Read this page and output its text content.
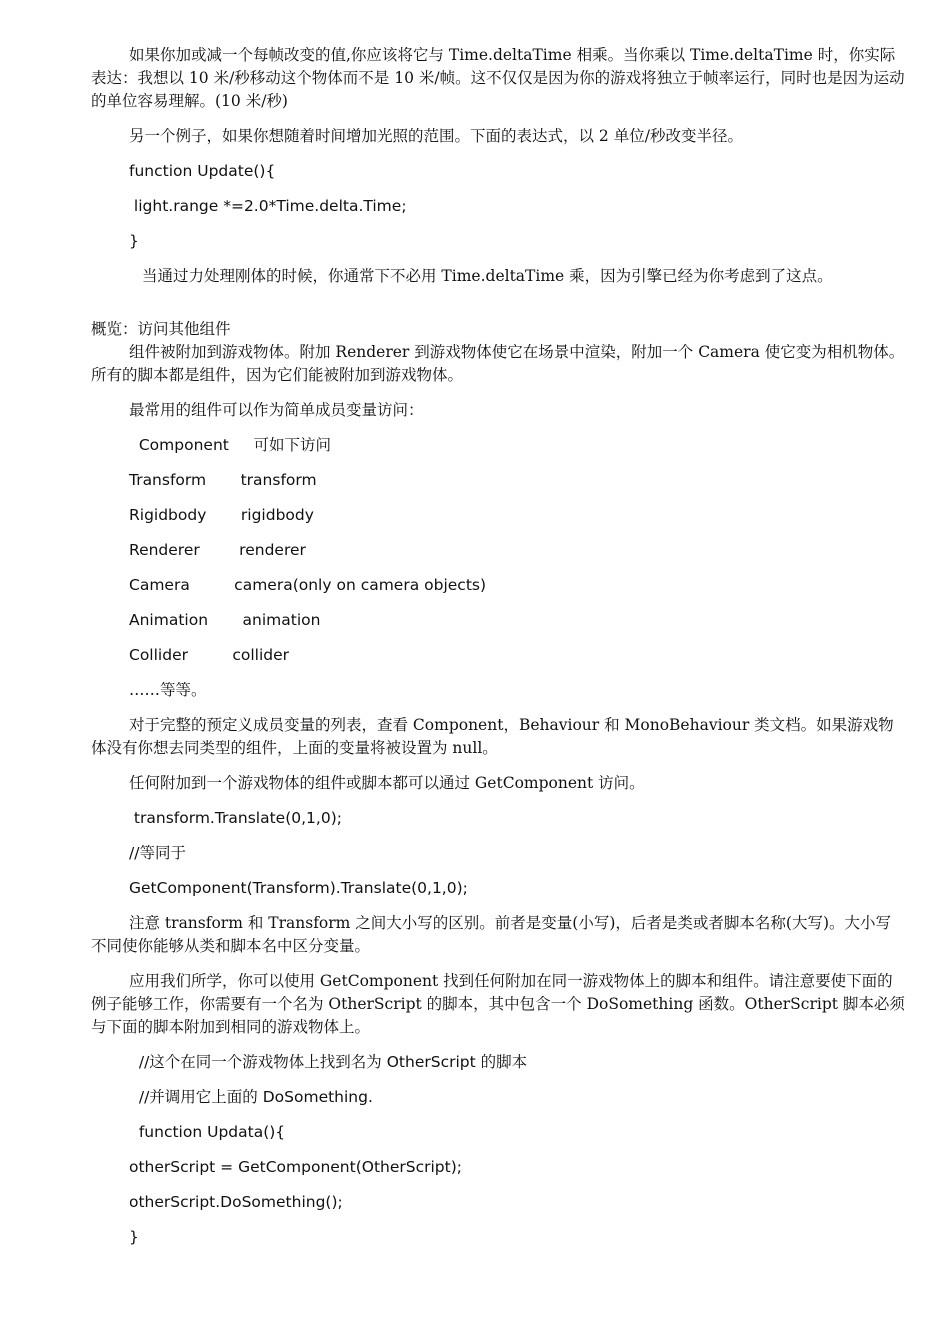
如果你加或减一个每帧改变的值,你应该将它与 Time.deltaTime 相乘。当你乘以 Time.deltaTime 时，你实际表达：我想以 10 米/秒移动这个物体而不是 10 米/帧。这不仅仅是因为你的游戏将独立于帧率运行，同时也是因为运动的单位容易理解。(10 米/秒)

另一个例子，如果你想随着时间增加光照的范围。下面的表达式，以 2 单位/秒改变半径。

function Update(){

light.range *=2.0*Time.delta.Time;

}

当通过力处理刚体的时候，你通常下不必用 Time.deltaTime 乘，因为引擎已经为你考虑到了这点。

概览：访问其他组件

组件被附加到游戏物体。附加 Renderer 到游戏物体使它在场景中渲染，附加一个 Camera 使它变为相机物体。所有的脚本都是组件，因为它们能被附加到游戏物体。

最常用的组件可以作为简单成员变量访问：

Component     可如下访问

Transform transform

Rigidbody rigidbody

Renderer	renderer

Camera	camera(only on camera objects)

Animation animation

Collider	collider

……等等。

对于完整的预定义成员变量的列表，查看 Component，Behaviour 和 MonoBehaviour 类文档。如果游戏物体没有你想去同类型的组件，上面的变量将被设置为 null。

任何附加到一个游戏物体的组件或脚本都可以通过 GetComponent 访问。

transform.Translate(0,1,0);

//等同于

GetComponent(Transform).Translate(0,1,0);

注意 transform 和 Transform 之间大小写的区别。前者是变量(小写)，后者是类或者脚本名称(大写)。大小写不同使你能够从类和脚本名中区分变量。

应用我们所学，你可以使用 GetComponent 找到任何附加在同一游戏物体上的脚本和组件。请注意要使下面的例子能够工作，你需要有一个名为 OtherScript 的脚本，其中包含一个 DoSomething 函数。OtherScript 脚本必须与下面的脚本附加到相同的游戏物体上。

//这个在同一个游戏物体上找到名为 OtherScript 的脚本

//并调用它上面的 DoSomething.

function Updata(){

otherScript = GetComponent(OtherScript);

otherScript.DoSomething();

}
